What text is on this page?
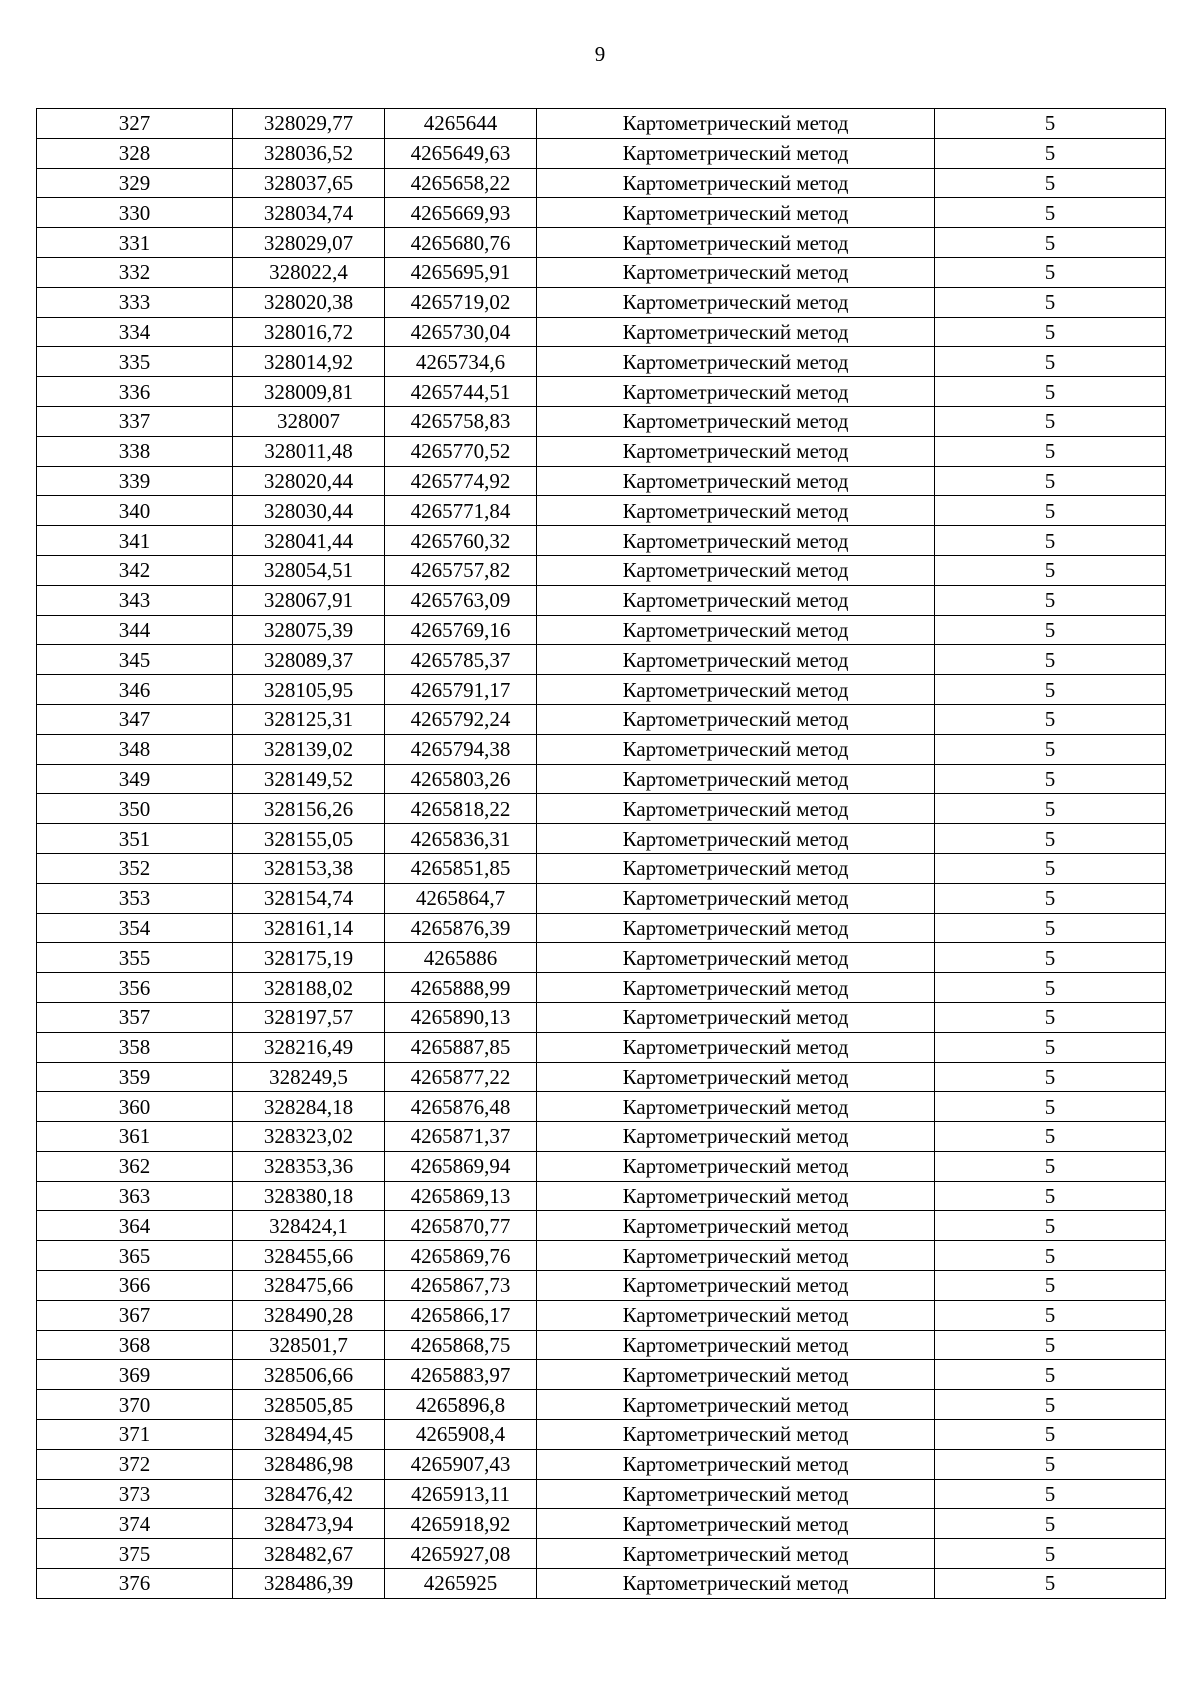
9
327	328029,77	4265644	Картометрический метод	5
328	328036,52	4265649,63	Картометрический метод	5
329	328037,65	4265658,22	Картометрический метод	5
330	328034,74	4265669,93	Картометрический метод	5
331	328029,07	4265680,76	Картометрический метод	5
332	328022,4	4265695,91	Картометрический метод	5
333	328020,38	4265719,02	Картометрический метод	5
334	328016,72	4265730,04	Картометрический метод	5
335	328014,92	4265734,6	Картометрический метод	5
336	328009,81	4265744,51	Картометрический метод	5
337	328007	4265758,83	Картометрический метод	5
338	328011,48	4265770,52	Картометрический метод	5
339	328020,44	4265774,92	Картометрический метод	5
340	328030,44	4265771,84	Картометрический метод	5
341	328041,44	4265760,32	Картометрический метод	5
342	328054,51	4265757,82	Картометрический метод	5
343	328067,91	4265763,09	Картометрический метод	5
344	328075,39	4265769,16	Картометрический метод	5
345	328089,37	4265785,37	Картометрический метод	5
346	328105,95	4265791,17	Картометрический метод	5
347	328125,31	4265792,24	Картометрический метод	5
348	328139,02	4265794,38	Картометрический метод	5
349	328149,52	4265803,26	Картометрический метод	5
350	328156,26	4265818,22	Картометрический метод	5
351	328155,05	4265836,31	Картометрический метод	5
352	328153,38	4265851,85	Картометрический метод	5
353	328154,74	4265864,7	Картометрический метод	5
354	328161,14	4265876,39	Картометрический метод	5
355	328175,19	4265886	Картометрический метод	5
356	328188,02	4265888,99	Картометрический метод	5
357	328197,57	4265890,13	Картометрический метод	5
358	328216,49	4265887,85	Картометрический метод	5
359	328249,5	4265877,22	Картометрический метод	5
360	328284,18	4265876,48	Картометрический метод	5
361	328323,02	4265871,37	Картометрический метод	5
362	328353,36	4265869,94	Картометрический метод	5
363	328380,18	4265869,13	Картометрический метод	5
364	328424,1	4265870,77	Картометрический метод	5
365	328455,66	4265869,76	Картометрический метод	5
366	328475,66	4265867,73	Картометрический метод	5
367	328490,28	4265866,17	Картометрический метод	5
368	328501,7	4265868,75	Картометрический метод	5
369	328506,66	4265883,97	Картометрический метод	5
370	328505,85	4265896,8	Картометрический метод	5
371	328494,45	4265908,4	Картометрический метод	5
372	328486,98	4265907,43	Картометрический метод	5
373	328476,42	4265913,11	Картометрический метод	5
374	328473,94	4265918,92	Картометрический метод	5
375	328482,67	4265927,08	Картометрический метод	5
376	328486,39	4265925	Картометрический метод	5
